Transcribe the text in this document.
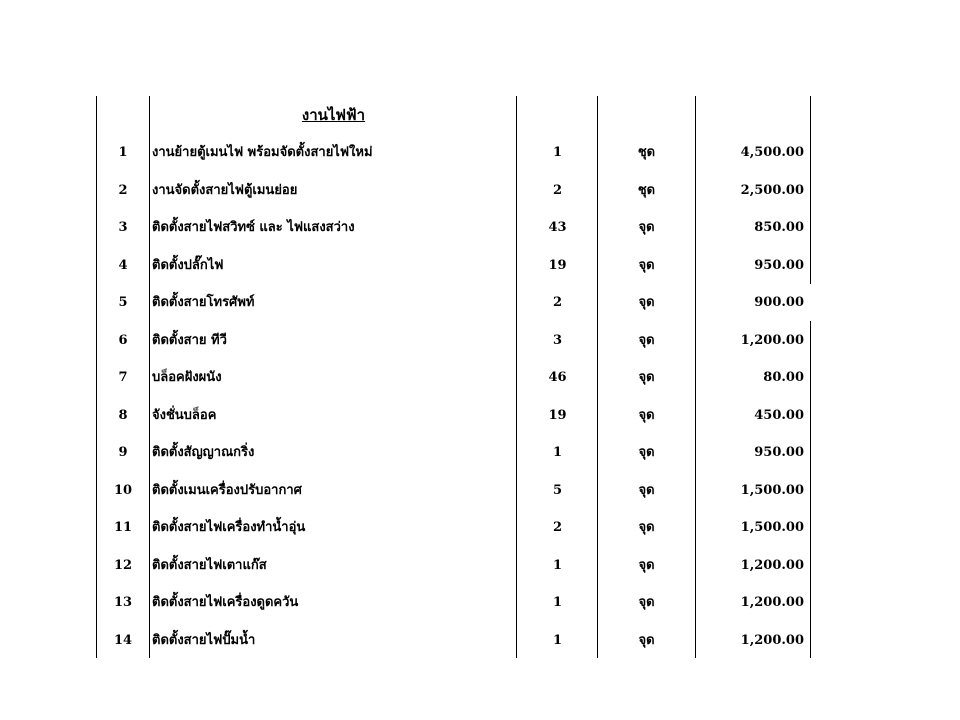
งานไฟฟ้า
1	งานย้ายตู้เมนไฟ พร้อมจัดตั้งสายไฟใหม่	1	ชุด	4,500.00
2	งานจัดตั้งสายไฟตู้เมนย่อย	2	ชุด	2,500.00
3	ติดตั้งสายไฟสวิทซ์ และ ไฟแสงสว่าง	43	จุด	850.00
4	ติดตั้งปลั๊กไฟ	19	จุด	950.00
5	ติดตั้งสายโทรศัพท์	2	จุด	900.00
6	ติดตั้งสาย ทีวี	3	จุด	1,200.00
7	บล็อคฝังผนัง	46	จุด	80.00
8	จังชั่นบล็อค	19	จุด	450.00
9	ติดตั้งสัญญาณกริ่ง	1	จุด	950.00
10	ติดตั้งเมนเครื่องปรับอากาศ	5	จุด	1,500.00
11	ติดตั้งสายไฟเครื่องทำน้ำอุ่น	2	จุด	1,500.00
12	ติดตั้งสายไฟเตาแก๊ส	1	จุด	1,200.00
13	ติดตั้งสายไฟเครื่องดูดควัน	1	จุด	1,200.00
14	ติดตั้งสายไฟปั๊มน้ำ	1	จุด	1,200.00
